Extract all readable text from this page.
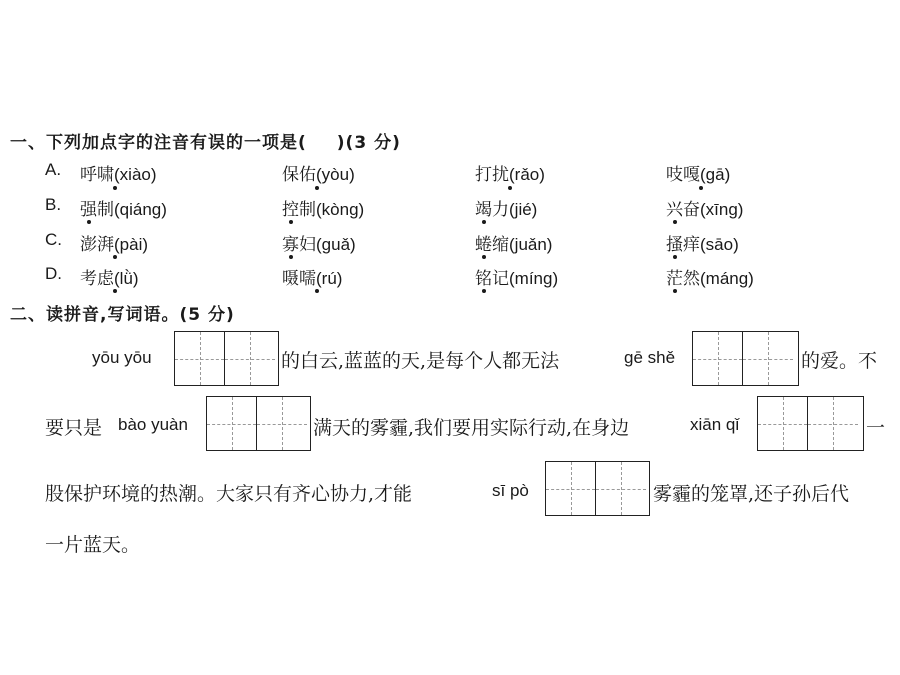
一、下列加点字的注音有误的一项是( )(3 分)
A. 呼啸(xiào)	保佑(yòu)	打扰(rǎo)	吱嘎(gā)
B. 强制(qiáng)	控制(kòng)	竭力(jié)	兴奋(xīng)
C. 澎湃(pài)	寡妇(guǎ)	蜷缩(juǎn)	搔痒(sāo)
D. 考虑(lǜ)	嗫嚅(rú)	铭记(míng)	茫然(máng)
二、读拼音,写词语。(5 分)
yōu yōu	的白云,蓝蓝的天,是每个人都无法	gē shě	的爱。不
要只是 bào yuàn	满天的雾霾,我们要用实际行动,在身边	xiān qǐ	一
股保护环境的热潮。大家只有齐心协力,才能	sī pò	雾霾的笼罩,还子孙后代
一片蓝天。
